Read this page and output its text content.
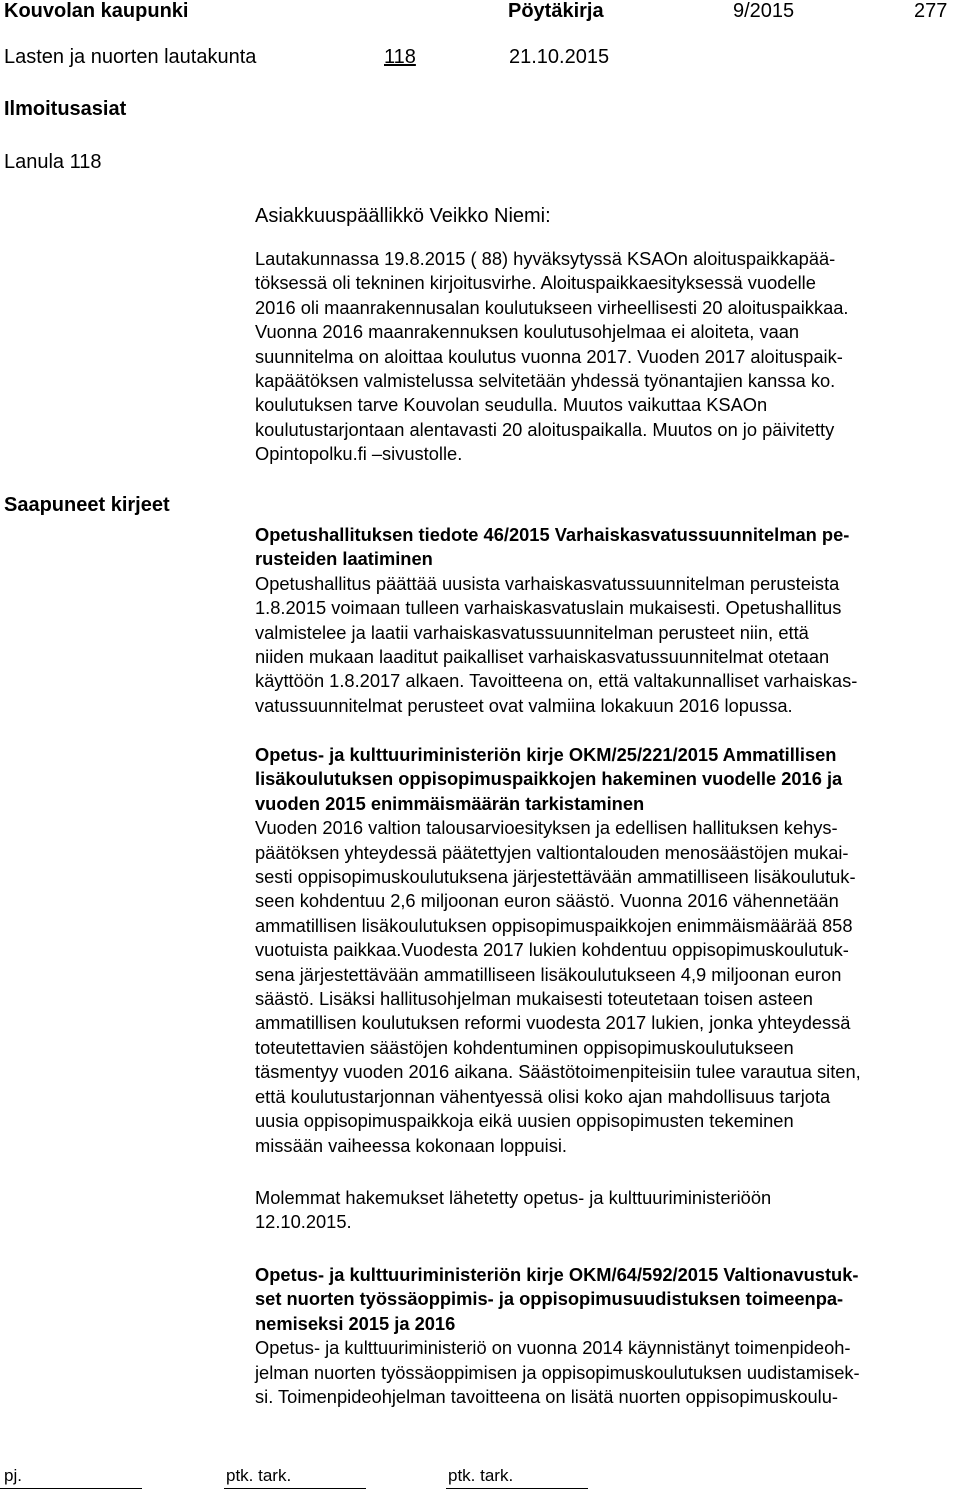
Kouvolan kaupunki	Pöytäkirja	9/2015	277
Lasten ja nuorten lautakunta	118	21.10.2015
Ilmoitusasiat
Lanula 118
Saapuneet kirjeet
Asiakkuuspäällikkö Veikko Niemi:
Lautakunnassa 19.8.2015 ( 88) hyväksytyssä KSAOn aloituspaikkapää-
töksessä oli tekninen kirjoitusvirhe. Aloituspaikkaesityksessä vuodelle
2016 oli maanrakennusalan koulutukseen virheellisesti 20 aloituspaikkaa.
Vuonna 2016 maanrakennuksen koulutusohjelmaa ei aloiteta, vaan
suunnitelma on aloittaa koulutus vuonna 2017. Vuoden 2017 aloituspaik-
kapäätöksen valmistelussa selvitetään yhdessä työnantajien kanssa ko.
koulutuksen tarve Kouvolan seudulla. Muutos vaikuttaa KSAOn
koulutustarjontaan alentavasti 20 aloituspaikalla. Muutos on jo päivitetty
Opintopolku.fi –sivustolle.
Opetushallituksen tiedote 46/2015 Varhaiskasvatussuunnitelman pe-
rusteiden laatiminen
Opetushallitus päättää uusista varhaiskasvatussuunnitelman perusteista
1.8.2015 voimaan tulleen varhaiskasvatuslain mukaisesti. Opetushallitus
valmistelee ja laatii varhaiskasvatussuunnitelman perusteet niin, että
niiden mukaan laaditut paikalliset varhaiskasvatussuunnitelmat otetaan
käyttöön 1.8.2017 alkaen. Tavoitteena on, että valtakunnalliset varhaiskas-
vatussuunnitelmat perusteet ovat valmiina lokakuun 2016 lopussa.
Opetus- ja kulttuuriministeriön kirje OKM/25/221/2015 Ammatillisen
lisäkoulutuksen oppisopimuspaikkojen hakeminen vuodelle 2016 ja
vuoden 2015 enimmäismäärän tarkistaminen
Vuoden 2016 valtion talousarvioesityksen ja edellisen hallituksen kehys-
päätöksen yhteydessä päätettyjen valtiontalouden menosäästöjen mukai-
sesti oppisopimuskoulutuksena järjestettävään ammatilliseen lisäkoulutuk-
seen kohdentuu 2,6 miljoonan euron säästö. Vuonna 2016 vähennetään
ammatillisen lisäkoulutuksen oppisopimuspaikkojen enimmäismäärää 858
vuotuista paikkaa.Vuodesta 2017 lukien kohdentuu oppisopimuskoulutuk-
sena järjestettävään ammatilliseen lisäkoulutukseen 4,9 miljoonan euron
säästö. Lisäksi hallitusohjelman mukaisesti toteutetaan toisen asteen
ammatillisen koulutuksen reformi vuodesta 2017 lukien, jonka yhteydessä
toteutettavien säästöjen kohdentuminen oppisopimuskoulutukseen
täsmentyy vuoden 2016 aikana. Säästötoimenpiteisiin tulee varautua siten,
että koulutustarjonnan vähentyessä olisi koko ajan mahdollisuus tarjota
uusia oppisopimuspaikkoja eikä uusien oppisopimusten tekeminen
missään vaiheessa kokonaan loppuisi.
Molemmat hakemukset lähetetty opetus- ja kulttuuriministeriöön
12.10.2015.
Opetus- ja kulttuuriministeriön kirje OKM/64/592/2015 Valtionavustuk-
set nuorten työssäoppimis- ja oppisopimusuudistuksen toimeenpa-
nemiseksi 2015 ja 2016
Opetus- ja kulttuuriministeriö on vuonna 2014 käynnistänyt toimenpideoh-
jelman nuorten työssäoppimisen ja oppisopimuskoulutuksen uudistamisek-
si. Toimenpideohjelman tavoitteena on lisätä nuorten oppisopimuskoulu-
pj.	ptk. tark.	ptk. tark.
